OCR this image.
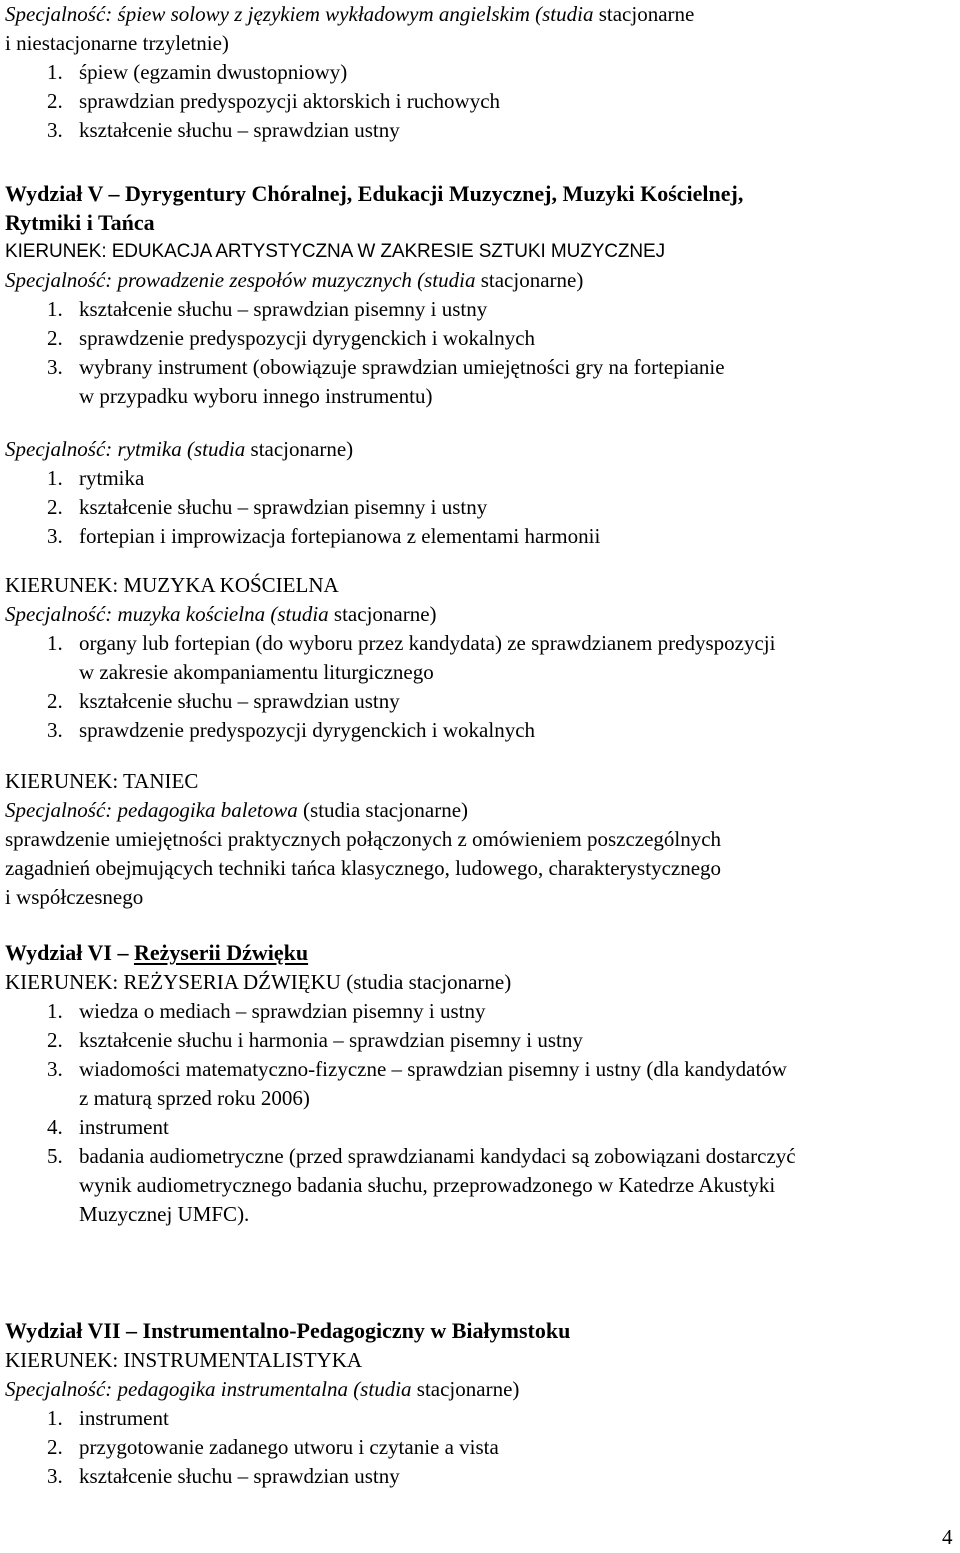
Specjalność: śpiew solowy z językiem wykładowym angielskim (studia stacjonarne
i niestacjonarne trzyletnie)
1. śpiew (egzamin dwustopniowy)
2. sprawdzian predyspozycji aktorskich i ruchowych
3. kształcenie słuchu – sprawdzian ustny
Wydział V – Dyrygentury Chóralnej, Edukacji Muzycznej, Muzyki Kościelnej,
Rytmiki i Tańca
KIERUNEK: EDUKACJA ARTYSTYCZNA W ZAKRESIE SZTUKI MUZYCZNEJ
Specjalność: prowadzenie zespołów muzycznych (studia stacjonarne)
1. kształcenie słuchu – sprawdzian pisemny i ustny
2. sprawdzenie predyspozycji dyrygenckich i wokalnych
3. wybrany instrument (obowiązuje sprawdzian umiejętności gry na fortepianie
w przypadku wyboru innego instrumentu)
Specjalność: rytmika (studia stacjonarne)
1. rytmika
2. kształcenie słuchu – sprawdzian pisemny i ustny
3. fortepian i improwizacja fortepianowa z elementami harmonii
KIERUNEK: MUZYKA KOŚCIELNA
Specjalność: muzyka kościelna (studia stacjonarne)
1. organy lub fortepian (do wyboru przez kandydata) ze sprawdzianem predyspozycji
w zakresie akompaniamentu liturgicznego
2. kształcenie słuchu – sprawdzian ustny
3. sprawdzenie predyspozycji dyrygenckich i wokalnych
KIERUNEK: TANIEC
Specjalność: pedagogika baletowa (studia stacjonarne)
sprawdzenie umiejętności praktycznych połączonych z omówieniem poszczególnych
zagadnień obejmujących techniki tańca klasycznego, ludowego, charakterystycznego
i współczesnego
Wydział VI – Reżyserii Dźwięku
KIERUNEK: REŻYSERIA DŹWIĘKU (studia stacjonarne)
1. wiedza o mediach – sprawdzian pisemny i ustny
2. kształcenie słuchu i harmonia – sprawdzian pisemny i ustny
3. wiadomości matematyczno-fizyczne – sprawdzian pisemny i ustny (dla kandydatów
z maturą sprzed roku 2006)
4. instrument
5. badania audiometryczne (przed sprawdzianami kandydaci są zobowiązani dostarczyć
wynik audiometrycznego badania słuchu, przeprowadzonego w Katedrze Akustyki
Muzycznej UMFC).
Wydział VII – Instrumentalno-Pedagogiczny w Białymstoku
KIERUNEK: INSTRUMENTALISTYKA
Specjalność: pedagogika instrumentalna (studia stacjonarne)
1. instrument
2. przygotowanie zadanego utworu i czytanie a vista
3. kształcenie słuchu – sprawdzian ustny
4
